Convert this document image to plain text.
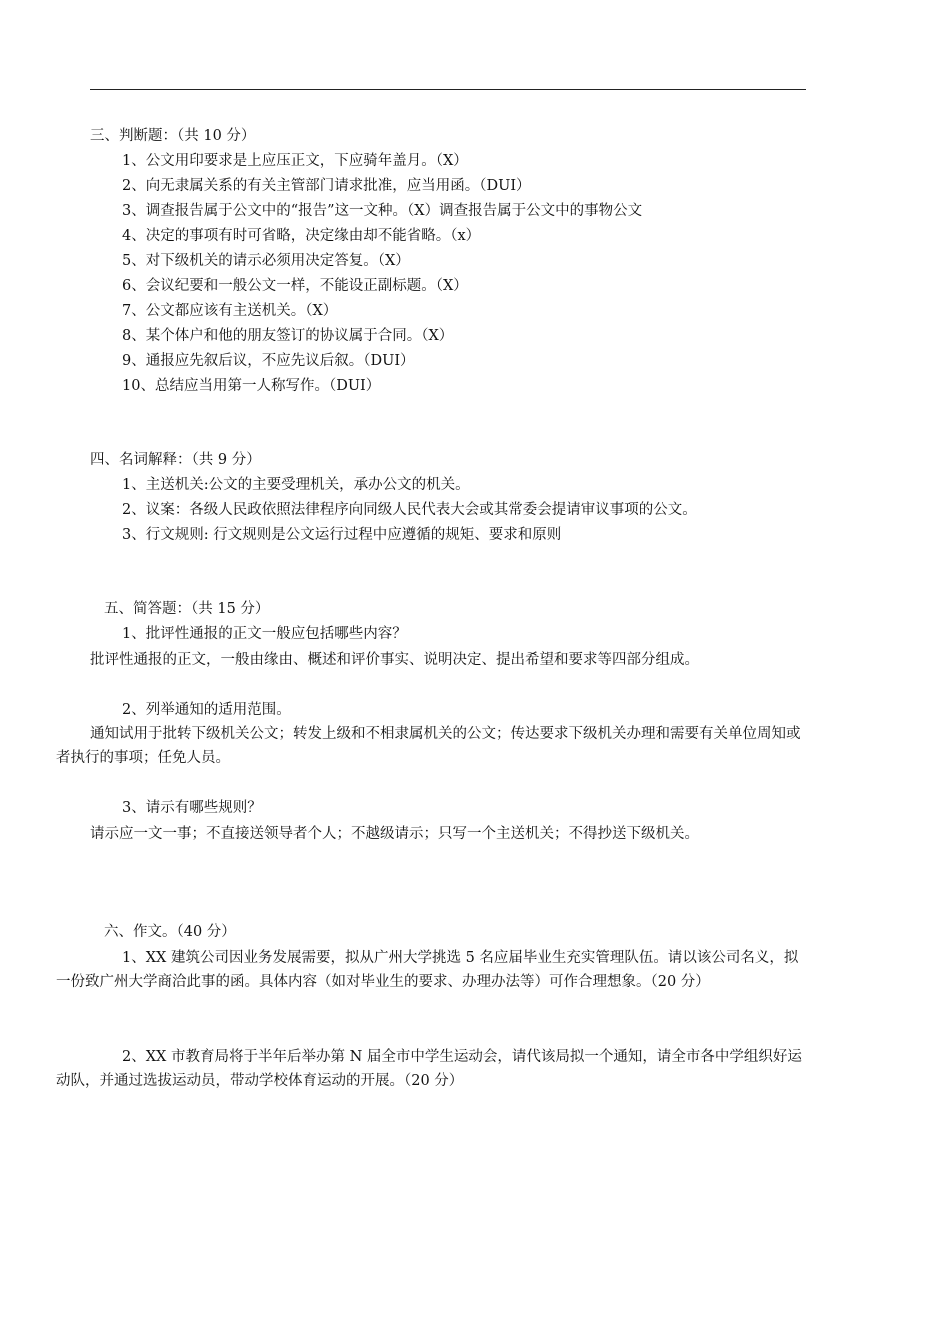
三、判断题：（共 10 分）
1、公文用印要求是上应压正文，下应骑年盖月。（X）
2、向无隶属关系的有关主管部门请求批准，应当用函。（DUI）
3、调查报告属于公文中的“报告”这一文种。（X）调查报告属于公文中的事物公文
4、决定的事项有时可省略，决定缘由却不能省略。（x）
5、对下级机关的请示必须用决定答复。（X）
6、会议纪要和一般公文一样，不能设正副标题。（X）
7、公文都应该有主送机关。（X）
8、某个体户和他的朋友签订的协议属于合同。（X）
9、通报应先叙后议，不应先议后叙。（DUI）
10、总结应当用第一人称写作。（DUI）
四、名词解释：（共 9 分）
1、主送机关:公文的主要受理机关，承办公文的机关。
2、议案：各级人民政依照法律程序向同级人民代表大会或其常委会提请审议事项的公文。
3、行文规则: 行文规则是公文运行过程中应遵循的规矩、要求和原则
五、简答题：（共 15 分）
1、批评性通报的正文一般应包括哪些内容？
批评性通报的正文，一般由缘由、概述和评价事实、说明决定、提出希望和要求等四部分组成。
2、列举通知的适用范围。
通知试用于批转下级机关公文；转发上级和不相隶属机关的公文；传达要求下级机关办理和需要有关单位周知或者执行的事项；任免人员。
3、请示有哪些规则？
请示应一文一事；不直接送领导者个人；不越级请示；只写一个主送机关；不得抄送下级机关。
六、作文。（40 分）
1、XX 建筑公司因业务发展需要，拟从广州大学挑选 5 名应届毕业生充实管理队伍。请以该公司名义，拟一份致广州大学商洽此事的函。具体内容（如对毕业生的要求、办理办法等）可作合理想象。（20 分）
2、XX 市教育局将于半年后举办第 N 届全市中学生运动会，请代该局拟一个通知，请全市各中学组织好运动队，并通过选拔运动员，带动学校体育运动的开展。（20 分）
